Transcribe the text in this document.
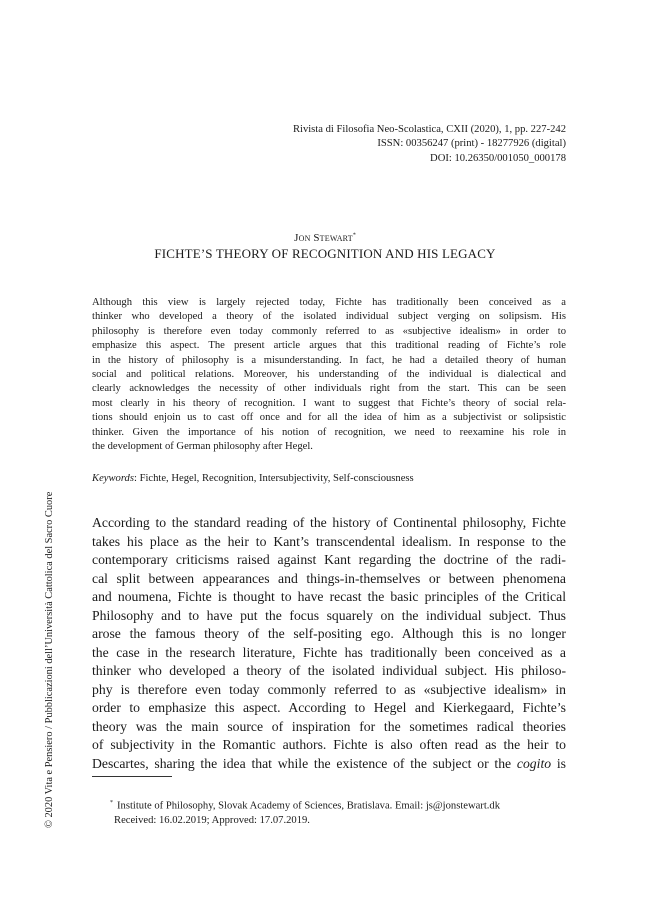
Rivista di Filosofia Neo-Scolastica, CXII (2020), 1, pp. 227-242
ISSN: 00356247 (print) - 18277926 (digital)
DOI: 10.26350/001050_000178
Jon Stewart*
FICHTE’S THEORY OF RECOGNITION AND HIS LEGACY
Although this view is largely rejected today, Fichte has traditionally been conceived as a
thinker who developed a theory of the isolated individual subject verging on solipsism. His
philosophy is therefore even today commonly referred to as «subjective idealism» in order to
emphasize this aspect. The present article argues that this traditional reading of Fichte’s role
in the history of philosophy is a misunderstanding. In fact, he had a detailed theory of human
social and political relations. Moreover, his understanding of the individual is dialectical and
clearly acknowledges the necessity of other individuals right from the start. This can be seen
most clearly in his theory of recognition. I want to suggest that Fichte’s theory of social rela-
tions should enjoin us to cast off once and for all the idea of him as a subjectivist or solipsistic
thinker. Given the importance of his notion of recognition, we need to reexamine his role in
the development of German philosophy after Hegel.
Keywords: Fichte, Hegel, Recognition, Intersubjectivity, Self-consciousness
According to the standard reading of the history of Continental philosophy, Fichte
takes his place as the heir to Kant’s transcendental idealism. In response to the
contemporary criticisms raised against Kant regarding the doctrine of the radi-
cal split between appearances and things-in-themselves or between phenomena
and noumena, Fichte is thought to have recast the basic principles of the Critical
Philosophy and to have put the focus squarely on the individual subject. Thus
arose the famous theory of the self-positing ego. Although this is no longer
the case in the research literature, Fichte has traditionally been conceived as a
thinker who developed a theory of the isolated individual subject. His philoso-
phy is therefore even today commonly referred to as «subjective idealism» in
order to emphasize this aspect. According to Hegel and Kierkegaard, Fichte’s
theory was the main source of inspiration for the sometimes radical theories
of subjectivity in the Romantic authors. Fichte is also often read as the heir to
Descartes, sharing the idea that while the existence of the subject or the cogito is
* Institute of Philosophy, Slovak Academy of Sciences, Bratislava. Email: js@jonstewart.dk
Received: 16.02.2019; Approved: 17.07.2019.
© 2020 Vita e Pensiero / Pubblicazioni dell’Università Cattolica del Sacro Cuore
